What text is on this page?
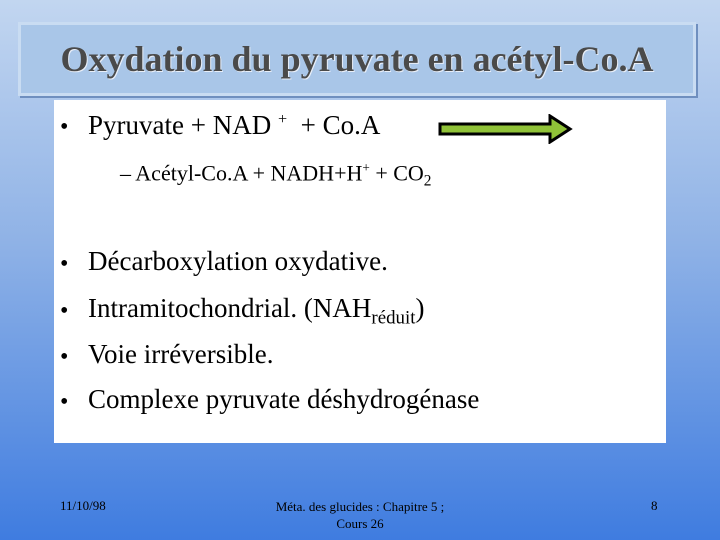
Oxydation du pyruvate en acétyl-Co.A
• Pyruvate + NAD + + Co.A
– Acétyl-Co.A + NADH+H+ + $CO_2$
• Décarboxylation oxydative.
• Intramitochondrial. $(NAH_{réduit})$
• Voie irréversible.
• Complexe pyruvate déshydrogénase
11/10/98	Méta. des glucides : Chapitre 5 ;
Cours 26
8
